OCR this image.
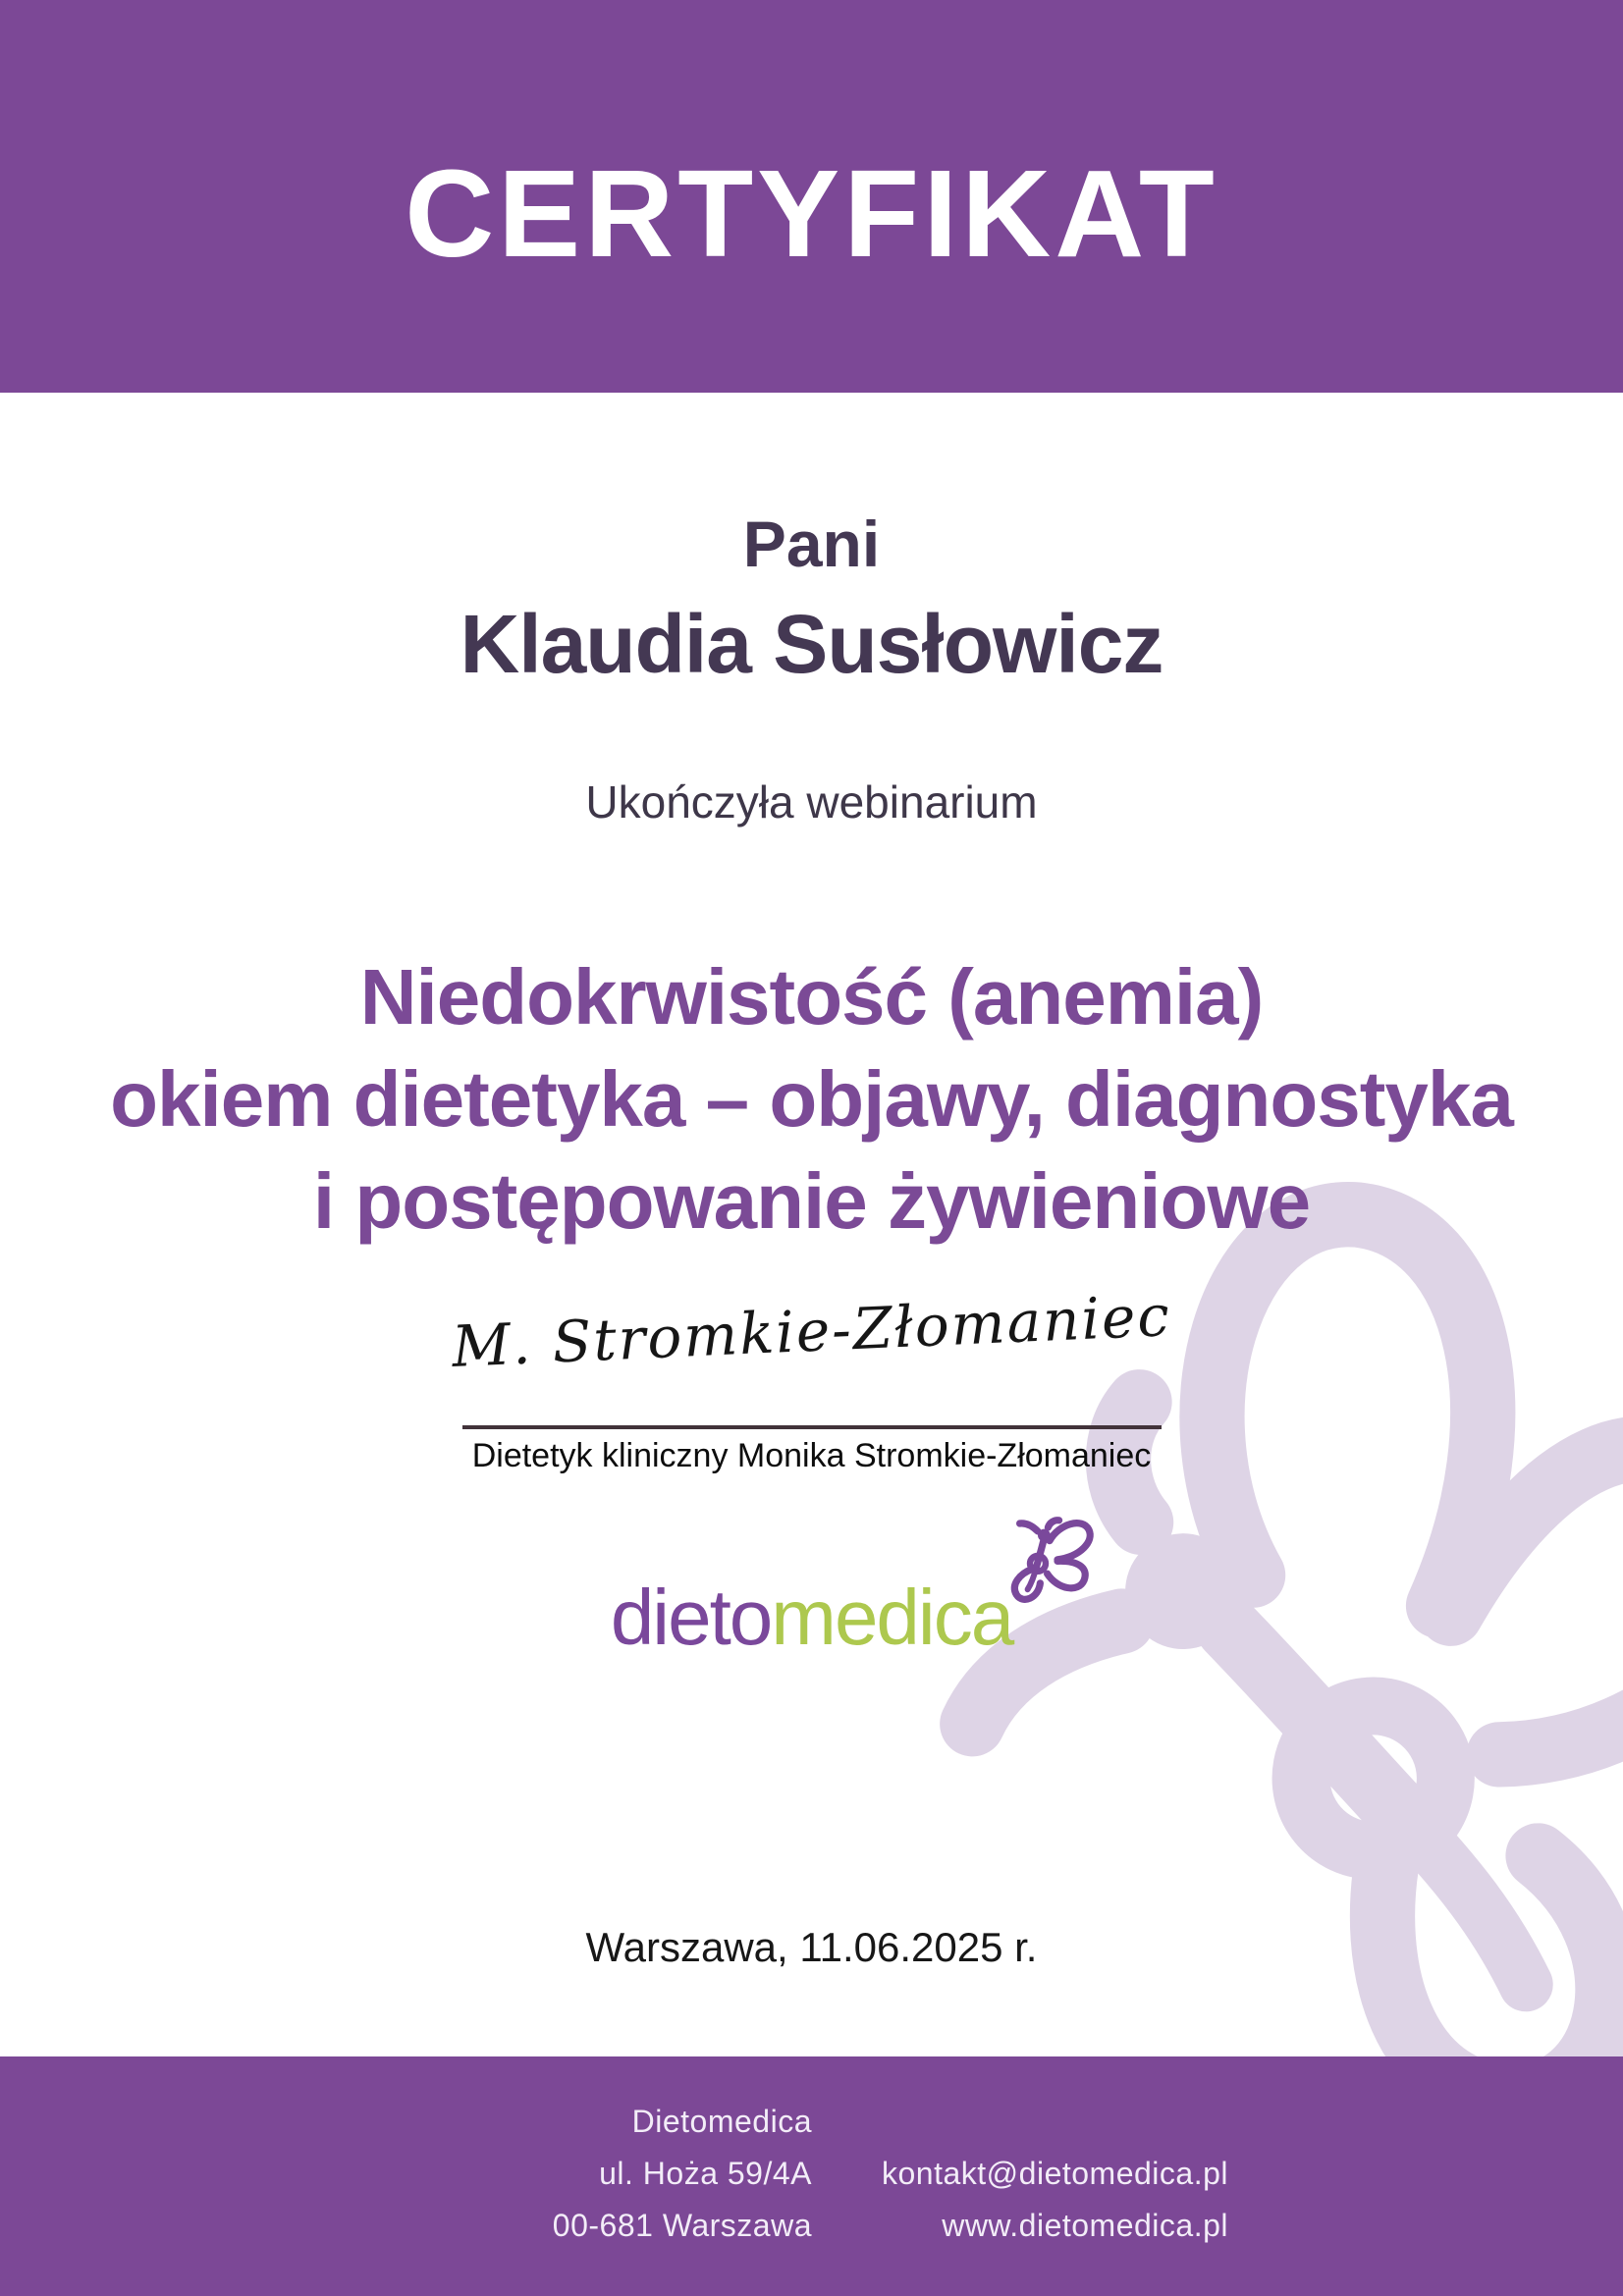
CERTYFIKAT
Pani
Klaudia Susłowicz
Ukończyła webinarium
Niedokrwistość (anemia)
okiem dietetyka – objawy, diagnostyka
i postępowanie żywieniowe
M. Stromkie-Złomaniec
Dietetyk kliniczny Monika Stromkie-Złomaniec
dietomedica
Warszawa, 11.06.2025 r.
Dietomedica
ul. Hoża 59/4A
00-681 Warszawa
kontakt@dietomedica.pl
www.dietomedica.pl
